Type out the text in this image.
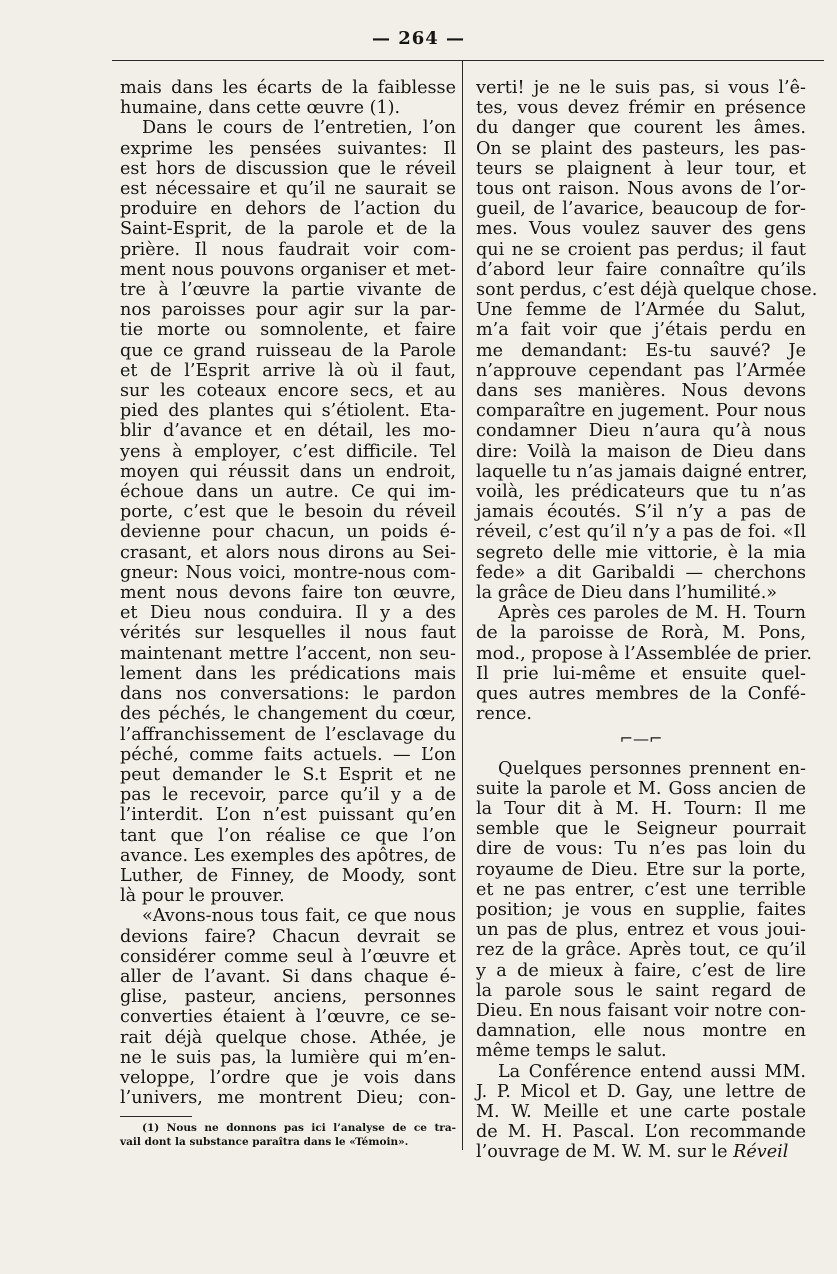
— 264 —
mais dans les écarts de la faiblesse
humaine, dans cette œuvre (1).
Dans le cours de l’entretien, l’on
exprime les pensées suivantes: Il
est hors de discussion que le réveil
est nécessaire et qu’il ne saurait se
produire en dehors de l’action du
Saint-Esprit, de la parole et de la
prière. Il nous faudrait voir com-
ment nous pouvons organiser et met-
tre à l’œuvre la partie vivante de
nos paroisses pour agir sur la par-
tie morte ou somnolente, et faire
que ce grand ruisseau de la Parole
et de l’Esprit arrive là où il faut,
sur les coteaux encore secs, et au
pied des plantes qui s’étiolent. Eta-
blir d’avance et en détail, les mo-
yens à employer, c’est difficile. Tel
moyen qui réussit dans un endroit,
échoue dans un autre. Ce qui im-
porte, c’est que le besoin du réveil
devienne pour chacun, un poids é-
crasant, et alors nous dirons au Sei-
gneur: Nous voici, montre-nous com-
ment nous devons faire ton œuvre,
et Dieu nous conduira. Il y a des
vérités sur lesquelles il nous faut
maintenant mettre l’accent, non seu-
lement dans les prédications mais
dans nos conversations: le pardon
des péchés, le changement du cœur,
l’affranchissement de l’esclavage du
péché, comme faits actuels. — L’on
peut demander le S.t Esprit et ne
pas le recevoir, parce qu’il y a de
l’interdit. L’on n’est puissant qu’en
tant que l’on réalise ce que l’on
avance. Les exemples des apôtres, de
Luther, de Finney, de Moody, sont
là pour le prouver.
«Avons-nous tous fait, ce que nous
devions faire? Chacun devrait se
considérer comme seul à l’œuvre et
aller de l’avant. Si dans chaque é-
glise, pasteur, anciens, personnes
converties étaient à l’œuvre, ce se-
rait déjà quelque chose. Athée, je
ne le suis pas, la lumière qui m’en-
veloppe, l’ordre que je vois dans
l’univers, me montrent Dieu; con-
(1) Nous ne donnons pas ici l’analyse de ce tra-
vail dont la substance paraîtra dans le «Témoin».
verti! je ne le suis pas, si vous l’ê-
tes, vous devez frémir en présence
du danger que courent les âmes.
On se plaint des pasteurs, les pas-
teurs se plaignent à leur tour, et
tous ont raison. Nous avons de l’or-
gueil, de l’avarice, beaucoup de for-
mes. Vous voulez sauver des gens
qui ne se croient pas perdus; il faut
d’abord leur faire connaître qu’ils
sont perdus, c’est déjà quelque chose.
Une femme de l’Armée du Salut,
m’a fait voir que j’étais perdu en
me demandant: Es-tu sauvé? Je
n’approuve cependant pas l’Armée
dans ses manières. Nous devons
comparaître en jugement. Pour nous
condamner Dieu n’aura qu’à nous
dire: Voilà la maison de Dieu dans
laquelle tu n’as jamais daigné entrer,
voilà, les prédicateurs que tu n’as
jamais écoutés. S’il n’y a pas de
réveil, c’est qu’il n’y a pas de foi. «Il
segreto delle mie vittorie, è la mia
fede» a dit Garibaldi — cherchons
la grâce de Dieu dans l’humilité.»
Après ces paroles de M. H. Tourn
de la paroisse de Rorà, M. Pons,
mod., propose à l’Assemblée de prier.
Il prie lui-même et ensuite quel-
ques autres membres de la Confé-
rence.
⌐—⌐
Quelques personnes prennent en-
suite la parole et M. Goss ancien de
la Tour dit à M. H. Tourn: Il me
semble que le Seigneur pourrait
dire de vous: Tu n’es pas loin du
royaume de Dieu. Etre sur la porte,
et ne pas entrer, c’est une terrible
position; je vous en supplie, faites
un pas de plus, entrez et vous joui-
rez de la grâce. Après tout, ce qu’il
y a de mieux à faire, c’est de lire
la parole sous le saint regard de
Dieu. En nous faisant voir notre con-
damnation, elle nous montre en
même temps le salut.
La Conférence entend aussi MM.
J. P. Micol et D. Gay, une lettre de
M. W. Meille et une carte postale
de M. H. Pascal. L’on recommande
l’ouvrage de M. W. M. sur le Réveil
